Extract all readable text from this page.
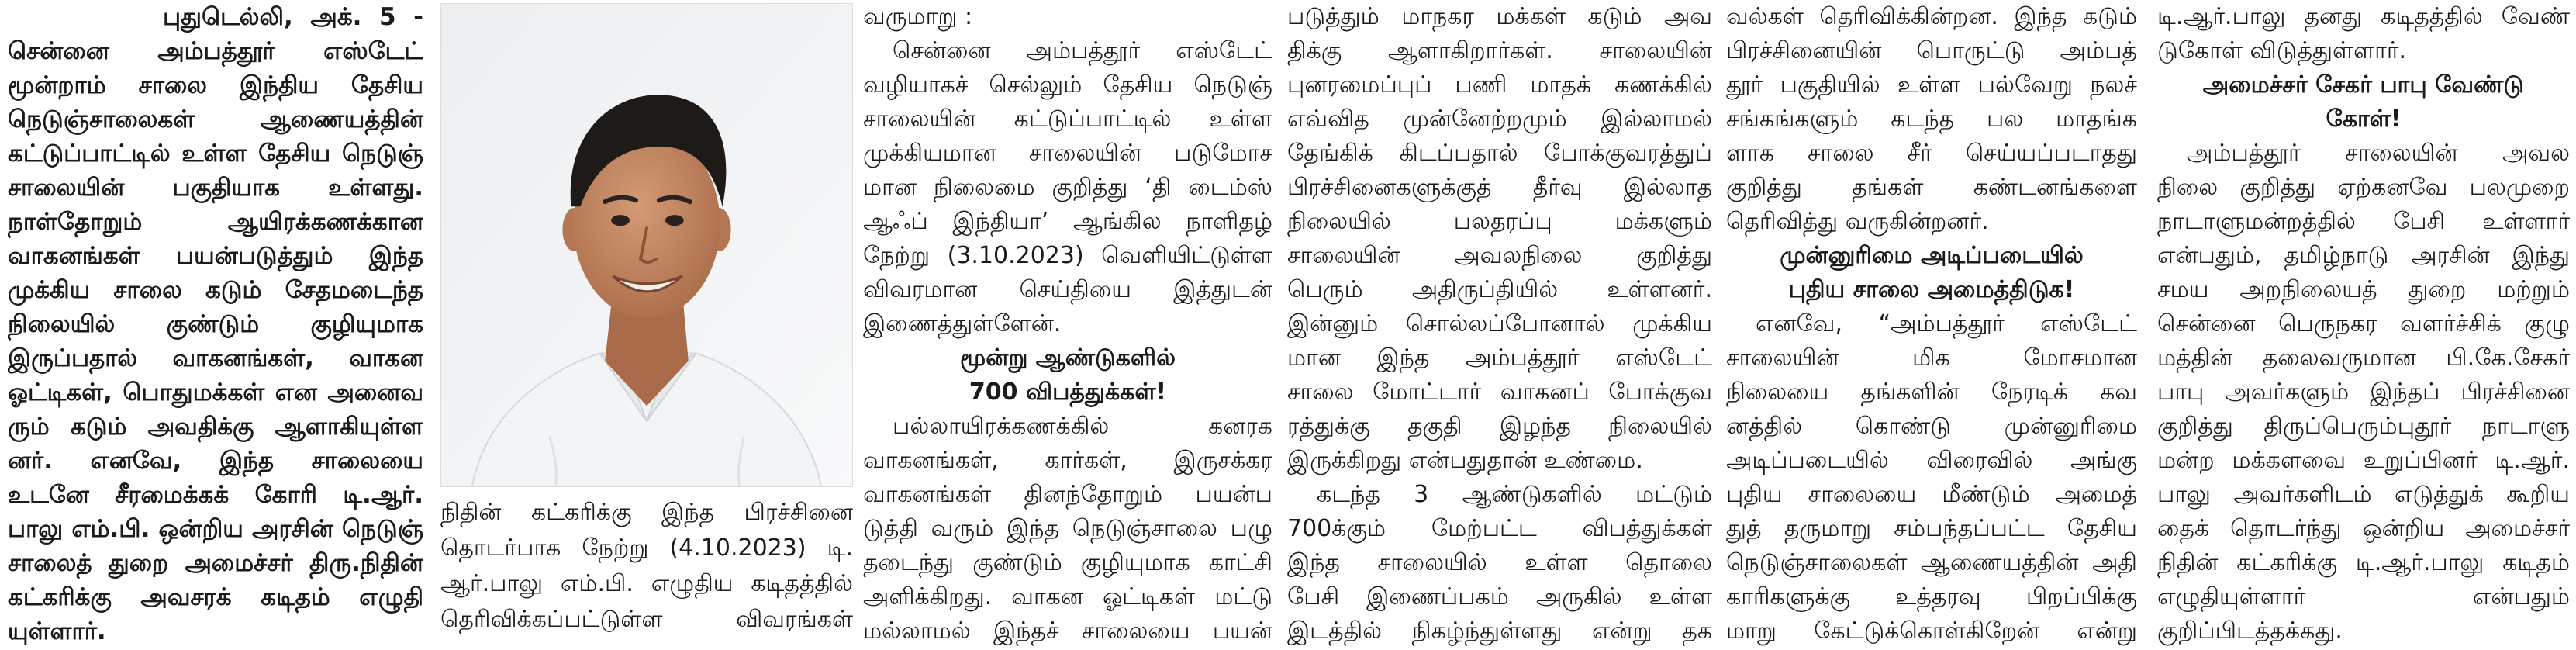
புதுடெல்லி, அக். 5 -
சென்னை அம்பத்தூர் எஸ்டேட்
மூன்றாம் சாலை இந்திய தேசிய
நெடுஞ்சாலைகள் ஆணையத்தின்
கட்டுப்பாட்டில் உள்ள தேசிய நெடுஞ்
சாலையின் பகுதியாக உள்ளது.
நாள்தோறும் ஆயிரக்கணக்கான
வாகனங்கள் பயன்படுத்தும் இந்த
முக்கிய சாலை கடும் சேதமடைந்த
நிலையில் குண்டும் குழியுமாக
இருப்பதால் வாகனங்கள், வாகன
ஓட்டிகள், பொதுமக்கள் என அனைவ
ரும் கடும் அவதிக்கு ஆளாகியுள்ள
னர். எனவே, இந்த சாலையை
உடனே சீரமைக்கக் கோரி டி.ஆர்.
பாலு எம்.பி. ஒன்றிய அரசின் நெடுஞ்
சாலைத் துறை அமைச்சர் திரு.நிதின்
கட்கரிக்கு அவசரக் கடிதம் எழுதி
யுள்ளார்.
நிதின் கட்கரிக்கு இந்த பிரச்சினை
தொடர்பாக நேற்று (4.10.2023) டி.
ஆர்.பாலு எம்.பி. எழுதிய கடிதத்தில்
தெரிவிக்கப்பட்டுள்ள விவரங்கள்
வருமாறு :
சென்னை அம்பத்தூர் எஸ்டேட்
வழியாகச் செல்லும் தேசிய நெடுஞ்
சாலையின் கட்டுப்பாட்டில் உள்ள
முக்கியமான சாலையின் படுமோச
மான நிலைமை குறித்து ‘தி டைம்ஸ்
ஆஃப் இந்தியா’ ஆங்கில நாளிதழ்
நேற்று (3.10.2023) வெளியிட்டுள்ள
விவரமான செய்தியை இத்துடன்
இணைத்துள்ளேன்.
மூன்று ஆண்டுகளில்
700 விபத்துக்கள்!
பல்லாயிரக்கணக்கில் கனரக
வாகனங்கள், கார்கள், இருசக்கர
வாகனங்கள் தினந்தோறும் பயன்ப
டுத்தி வரும் இந்த நெடுஞ்சாலை பழு
தடைந்து குண்டும் குழியுமாக காட்சி
அளிக்கிறது. வாகன ஓட்டிகள் மட்டு
மல்லாமல் இந்தச் சாலையை பயன்
படுத்தும் மாநகர மக்கள் கடும் அவ
திக்கு ஆளாகிறார்கள். சாலையின்
புனரமைப்புப் பணி மாதக் கணக்கில்
எவ்வித முன்னேற்றமும் இல்லாமல்
தேங்கிக் கிடப்பதால் போக்குவரத்துப்
பிரச்சினைகளுக்குத் தீர்வு இல்லாத
நிலையில் பலதரப்பு மக்களும்
சாலையின் அவலநிலை குறித்து
பெரும் அதிருப்தியில் உள்ளனர்.
இன்னும் சொல்லப்போனால் முக்கிய
மான இந்த அம்பத்தூர் எஸ்டேட்
சாலை மோட்டார் வாகனப் போக்குவ
ரத்துக்கு தகுதி இழந்த நிலையில்
இருக்கிறது என்பதுதான் உண்மை.
கடந்த 3 ஆண்டுகளில் மட்டும்
700க்கும் மேற்பட்ட விபத்துக்கள்
இந்த சாலையில் உள்ள தொலை
பேசி இணைப்பகம் அருகில் உள்ள
இடத்தில் நிகழ்ந்துள்ளது என்று தக
வல்கள் தெரிவிக்கின்றன. இந்த கடும்
பிரச்சினையின் பொருட்டு அம்பத்
தூர் பகுதியில் உள்ள பல்வேறு நலச்
சங்கங்களும் கடந்த பல மாதங்க
ளாக சாலை சீர் செய்யப்படாதது
குறித்து தங்கள் கண்டனங்களை
தெரிவித்து வருகின்றனர்.
முன்னுரிமை அடிப்படையில்
புதிய சாலை அமைத்திடுக!
எனவே, “அம்பத்தூர் எஸ்டேட்
சாலையின் மிக மோசமான
நிலையை தங்களின் நேரடிக் கவ
னத்தில் கொண்டு முன்னுரிமை
அடிப்படையில் விரைவில் அங்கு
புதிய சாலையை மீண்டும் அமைத்
துத் தருமாறு சம்பந்தப்பட்ட தேசிய
நெடுஞ்சாலைகள் ஆணையத்தின் அதி
காரிகளுக்கு உத்தரவு பிறப்பிக்கு
மாறு கேட்டுக்கொள்கிறேன் என்று
டி.ஆர்.பாலு தனது கடிதத்தில் வேண்
டுகோள் விடுத்துள்ளார்.
அமைச்சர் சேகர் பாபு வேண்டு
கோள்!
அம்பத்தூர் சாலையின் அவல
நிலை குறித்து ஏற்கனவே பலமுறை
நாடாளுமன்றத்தில் பேசி உள்ளார்
என்பதும், தமிழ்நாடு அரசின் இந்து
சமய அறநிலையத் துறை மற்றும்
சென்னை பெருநகர வளர்ச்சிக் குழு
மத்தின் தலைவருமான பி.கே.சேகர்
பாபு அவர்களும் இந்தப் பிரச்சினை
குறித்து திருப்பெரும்புதூர் நாடாளு
மன்ற மக்களவை உறுப்பினர் டி.ஆர்.
பாலு அவர்களிடம் எடுத்துக் கூறிய
தைக் தொடர்ந்து ஒன்றிய அமைச்சர்
நிதின் கட்கரிக்கு டி.ஆர்.பாலு கடிதம்
எழுதியுள்ளார் என்பதும்
குறிப்பிடத்தக்கது.
